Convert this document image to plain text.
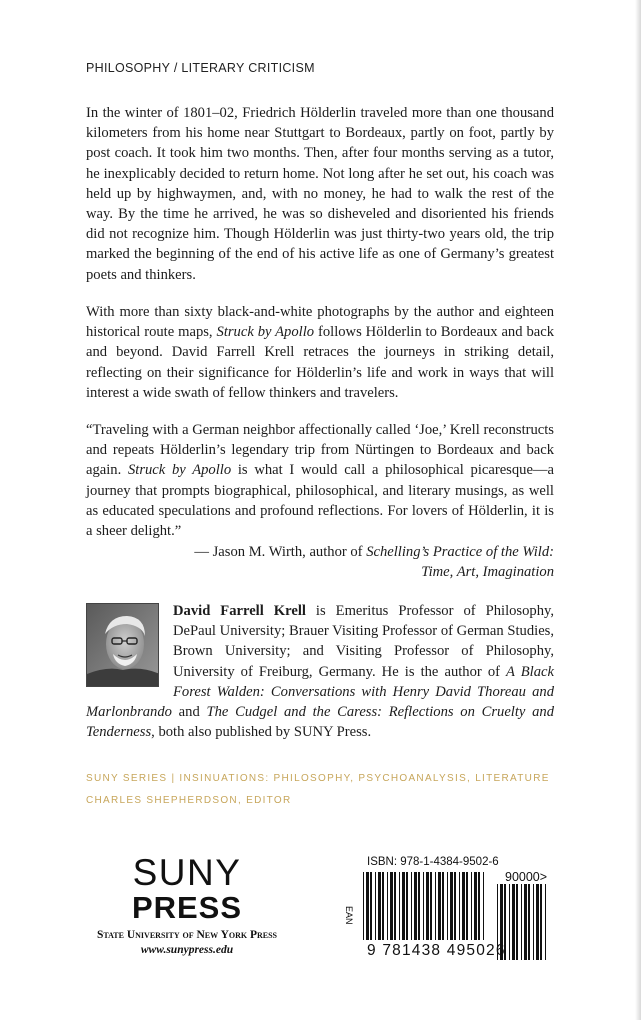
PHILOSOPHY / LITERARY CRITICISM

In the winter of 1801–02, Friedrich Hölderlin traveled more than one thousand kilometers from his home near Stuttgart to Bordeaux, partly on foot, partly by post coach. It took him two months. Then, after four months serving as a tutor, he inexplicably decided to return home. Not long after he set out, his coach was held up by highwaymen, and, with no money, he had to walk the rest of the way. By the time he arrived, he was so disheveled and disoriented his friends did not recognize him. Though Hölderlin was just thirty-two years old, the trip marked the beginning of the end of his active life as one of Germany’s greatest poets and thinkers.

With more than sixty black-and-white photographs by the author and eighteen historical route maps, Struck by Apollo follows Hölderlin to Bordeaux and back and beyond. David Farrell Krell retraces the journeys in striking detail, reflecting on their significance for Hölderlin’s life and work in ways that will interest a wide swath of fellow thinkers and travelers.

“Traveling with a German neighbor affectionally called ‘Joe,’ Krell reconstructs and repeats Hölderlin’s legendary trip from Nürtingen to Bordeaux and back again. Struck by Apollo is what I would call a philosophical picaresque—a journey that prompts biographical, philosophical, and literary musings, as well as educated speculations and profound reflections. For lovers of Hölderlin, it is a sheer delight.”

— Jason M. Wirth, author of Schelling’s Practice of the Wild:
Time, Art, Imagination

David Farrell Krell is Emeritus Professor of Philosophy, DePaul University; Brauer Visiting Professor of German Studies, Brown University; and Visiting Professor of Philosophy, University of Freiburg, Germany. He is the author of A Black Forest Walden: Conversations with Henry David Thoreau and Marlonbrando and The Cudgel and the Caress: Reflections on Cruelty and Tenderness, both also published by SUNY Press.

SUNY SERIES | INSINUATIONS: PHILOSOPHY, PSYCHOANALYSIS, LITERATURE
CHARLES SHEPHERDSON, EDITOR
SUNY
PRESS
State University of New York Press
www.sunypress.edu
ISBN: 978-1-4384-9502-6
EAN
90000>
9 781438 495026
